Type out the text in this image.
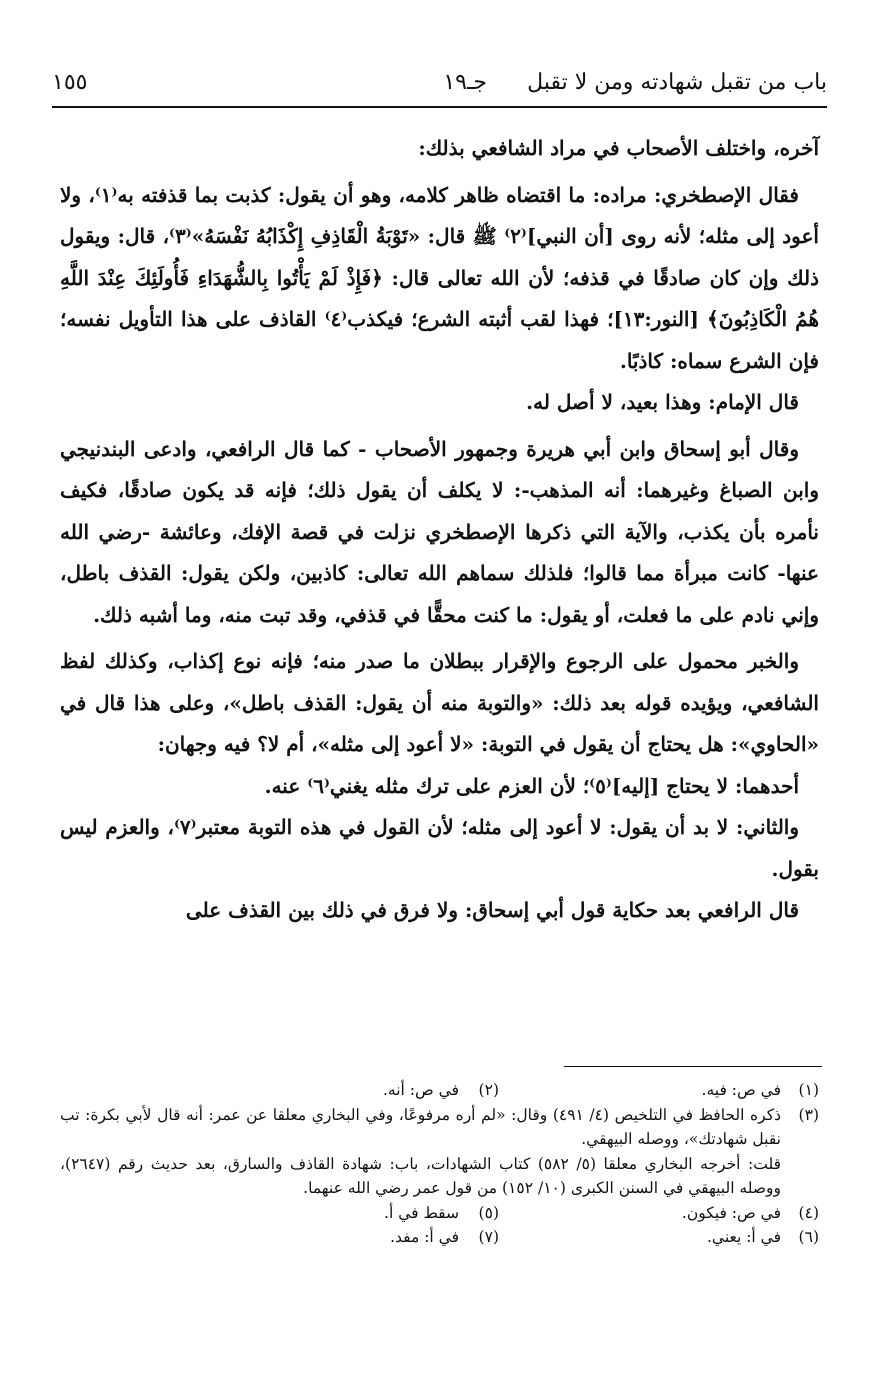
باب من تقبل شهادته ومن لا تقبل
جـ١٩
١٥٥

آخره، واختلف الأصحاب في مراد الشافعي بذلك:

فقال الإصطخري: مراده: ما اقتضاه ظاهر كلامه، وهو أن يقول: كذبت بما قذفته به⁽١⁾، ولا أعود إلى مثله؛ لأنه روى [أن النبي]⁽٢⁾ ﷺ قال: «تَوْبَةُ الْقَاذِفِ إِكْذَابُهُ نَفْسَهُ»⁽٣⁾، قال: ويقول ذلك وإن كان صادقًا في قذفه؛ لأن الله تعالى قال: ﴿فَإِذْ لَمْ يَأْتُوا بِالشُّهَدَاءِ فَأُولَئِكَ عِنْدَ اللَّهِ هُمُ الْكَاذِبُونَ﴾ [النور:١٣]؛ فهذا لقب أثبته الشرع؛ فيكذب⁽٤⁾ القاذف على هذا التأويل نفسه؛ فإن الشرع سماه: كاذبًا.

قال الإمام: وهذا بعيد، لا أصل له.

وقال أبو إسحاق وابن أبي هريرة وجمهور الأصحاب - كما قال الرافعي، وادعى البندنيجي وابن الصباغ وغيرهما: أنه المذهب-: لا يكلف أن يقول ذلك؛ فإنه قد يكون صادقًا، فكيف نأمره بأن يكذب، والآية التي ذكرها الإصطخري نزلت في قصة الإفك، وعائشة -رضي الله عنها- كانت مبرأة مما قالوا؛ فلذلك سماهم الله تعالى: كاذبين، ولكن يقول: القذف باطل، وإني نادم على ما فعلت، أو يقول: ما كنت محقًّا في قذفي، وقد تبت منه، وما أشبه ذلك.

والخبر محمول على الرجوع والإقرار ببطلان ما صدر منه؛ فإنه نوع إكذاب، وكذلك لفظ الشافعي، ويؤيده قوله بعد ذلك: «والتوبة منه أن يقول: القذف باطل»، وعلى هذا قال في «الحاوي»: هل يحتاج أن يقول في التوبة: «لا أعود إلى مثله»، أم لا؟ فيه وجهان:

أحدهما: لا يحتاج [إليه]⁽٥⁾؛ لأن العزم على ترك مثله يغني⁽٦⁾ عنه.

والثاني: لا بد أن يقول: لا أعود إلى مثله؛ لأن القول في هذه التوبة معتبر⁽٧⁾، والعزم ليس بقول.

قال الرافعي بعد حكاية قول أبي إسحاق: ولا فرق في ذلك بين القذف على

(١)
في ص: فيه.
(٢)
في ص: أنه.
(٣)

ذكره الحافظ في التلخيص (٤/ ٤٩١) وقال: «لم أره مرفوعًا، وفي البخاري معلقا عن عمر: أنه قال لأبي بكرة: تب نقبل شهادتك»، ووصله البيهقي.

قلت: أخرجه البخاري معلقا (٥/ ٥٨٢) كتاب الشهادات، باب: شهادة القاذف والسارق، بعد حديث رقم (٢٦٤٧)، ووصله البيهقي في السنن الكبرى (١٠/ ١٥٢) من قول عمر رضي الله عنهما.

(٤)
في ص: فيكون.
(٥)
سقط في أ.
(٦)
في أ: يعني.
(٧)
في أ: مفد.
